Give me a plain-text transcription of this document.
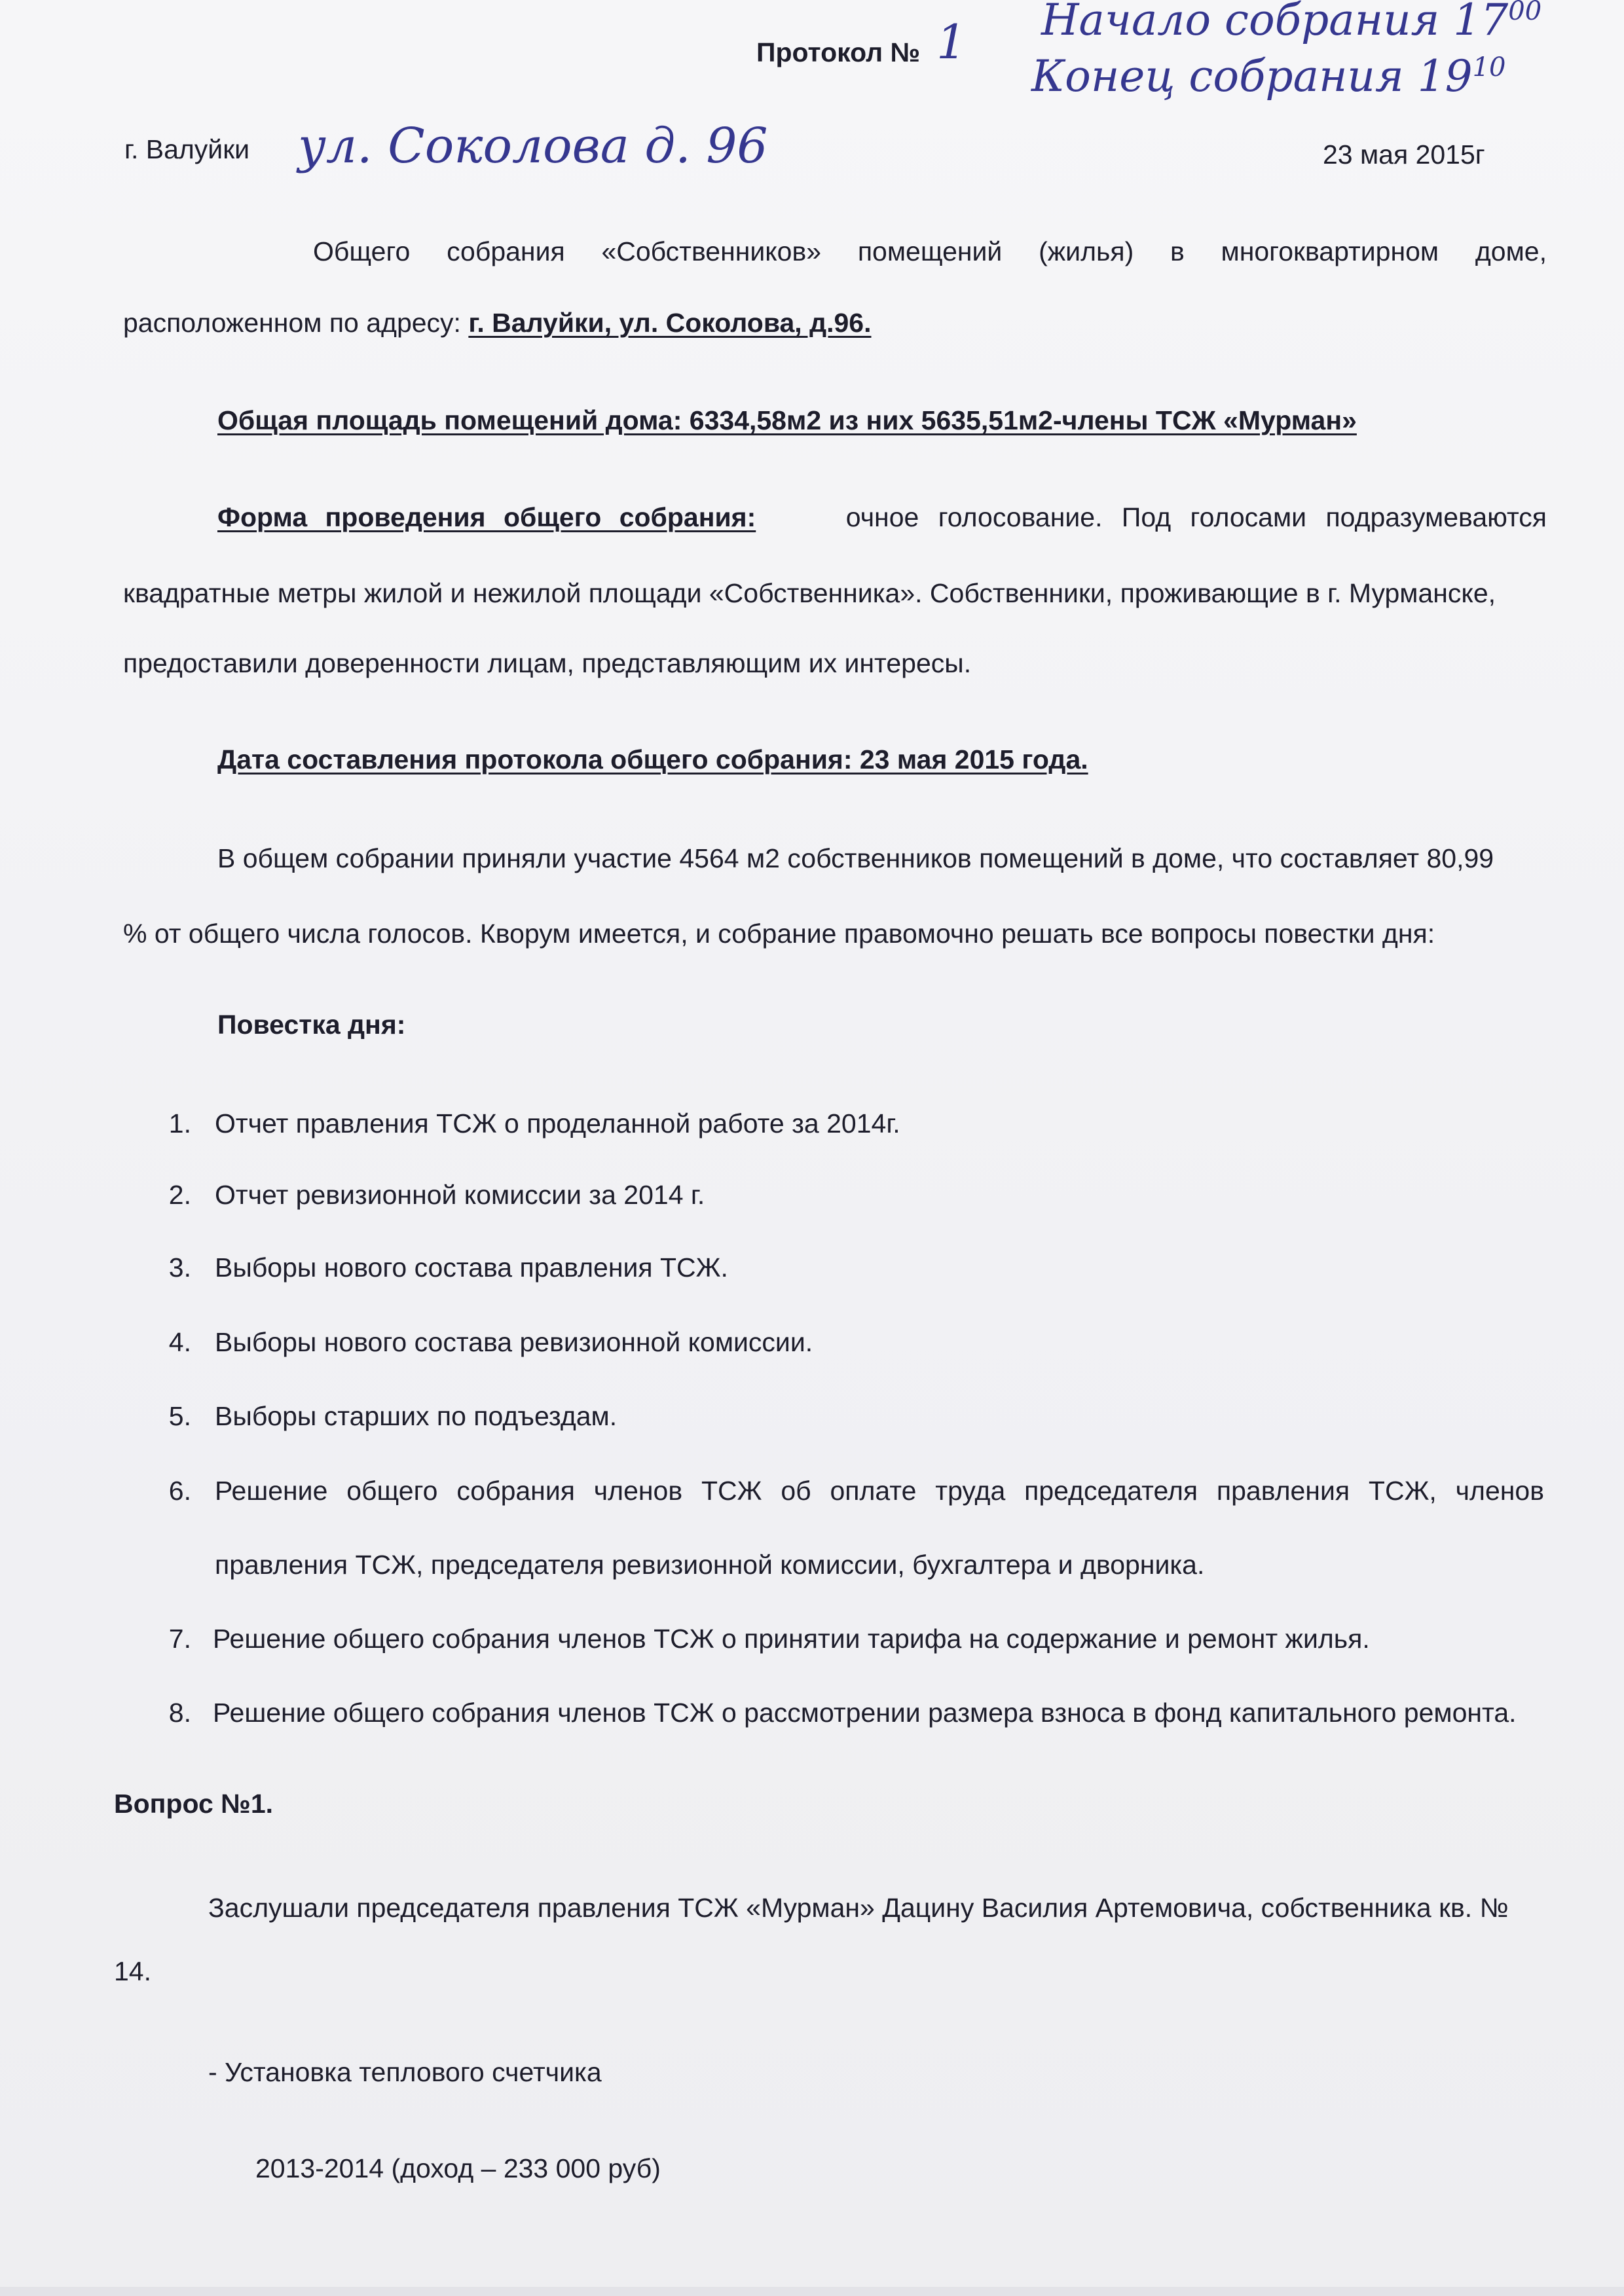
Протокол № 1 Начало собрания $17^{00}$
Конец собрания $19^{10}$
г. Валуйки ул. Соколова д. 96	23 мая 2015г
Общего собрания «Собственников» помещений (жилья) в многоквартирном доме,
расположенном по адресу: г. Валуйки, ул. Соколова, д.96.
Общая площадь помещений дома: 6334,58м2 из них 5635,51м2-члены ТСЖ «Мурман»
Форма проведения общего собрания:	очное голосование. Под голосами подразумеваются
квадратные метры жилой и нежилой площади «Собственника». Собственники, проживающие в г. Мурманске,
предоставили доверенности лицам, представляющим их интересы.
Дата составления протокола общего собрания: 23 мая 2015 года.
В общем собрании приняли участие 4564 м2 собственников помещений в доме, что составляет 80,99
% от общего числа голосов. Кворум имеется, и собрание правомочно решать все вопросы повестки дня:
Повестка дня:
1. Отчет правления ТСЖ о проделанной работе за 2014г.
2. Отчет ревизионной комиссии за 2014 г.
3. Выборы нового состава правления ТСЖ.
4. Выборы нового состава ревизионной комиссии.
5. Выборы старших по подъездам.
6. Решение общего собрания членов ТСЖ об оплате труда председателя правления ТСЖ, членов
правления ТСЖ, председателя ревизионной комиссии, бухгалтера и дворника.
7. Решение общего собрания членов ТСЖ о принятии тарифа на содержание и ремонт жилья.
8. Решение общего собрания членов ТСЖ о рассмотрении размера взноса в фонд капитального ремонта.
Вопрос №1.
Заслушали председателя правления ТСЖ «Мурман» Дацину Василия Артемовича, собственника кв. №
14.
- Установка теплового счетчика
2013-2014 (доход – 233 000 руб)
